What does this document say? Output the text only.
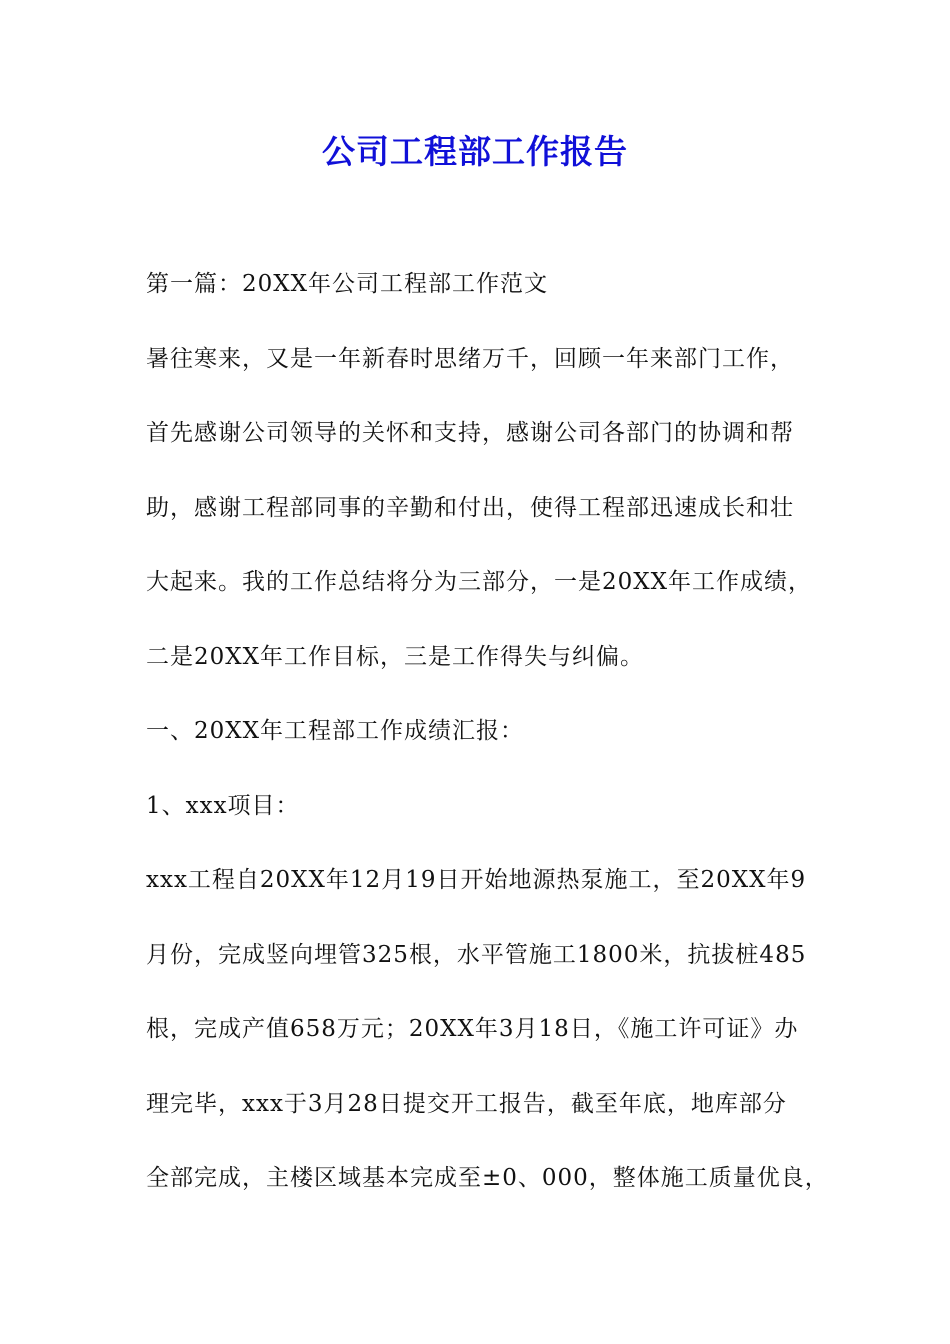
公司工程部工作报告
第一篇：20XX年公司工程部工作范文
暑往寒来，又是一年新春时思绪万千，回顾一年来部门工作，
首先感谢公司领导的关怀和支持，感谢公司各部门的协调和帮
助，感谢工程部同事的辛勤和付出，使得工程部迅速成长和壮
大起来。我的工作总结将分为三部分，一是20XX年工作成绩，
二是20XX年工作目标，三是工作得失与纠偏。
一、20XX年工程部工作成绩汇报：
1、xxx项目：
xxx工程自20XX年12月19日开始地源热泵施工，至20XX年9
月份，完成竖向埋管325根，水平管施工1800米，抗拔桩485
根，完成产值658万元；20XX年3月18日，《施工许可证》办
理完毕，xxx于3月28日提交开工报告，截至年底，地库部分
全部完成，主楼区域基本完成至±0、000，整体施工质量优良，
